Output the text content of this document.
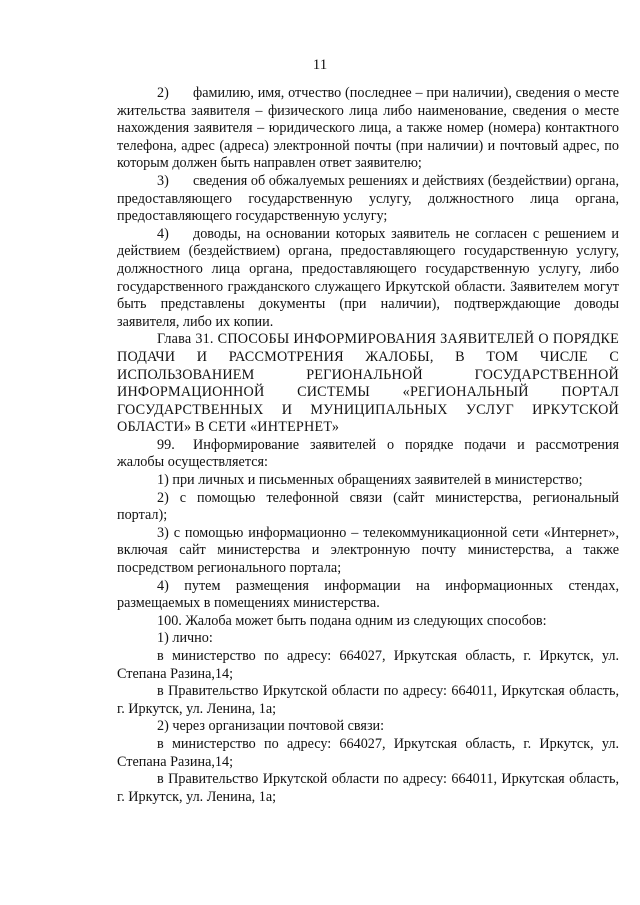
11

2) фамилию, имя, отчество (последнее – при наличии), сведения о месте жительства заявителя – физического лица либо наименование, сведения о месте нахождения заявителя – юридического лица, а также номер (номера) контактного телефона, адрес (адреса) электронной почты (при наличии) и почтовый адрес, по которым должен быть направлен ответ заявителю;

3) сведения об обжалуемых решениях и действиях (бездействии) органа, предоставляющего государственную услугу, должностного лица органа, предоставляющего государственную услугу;

4) доводы, на основании которых заявитель не согласен с решением и действием (бездействием) органа, предоставляющего государственную услугу, должностного лица органа, предоставляющего государственную услугу, либо государственного гражданского служащего Иркутской области. Заявителем могут быть представлены документы (при наличии), подтверждающие доводы заявителя, либо их копии.

Глава 31. СПОСОБЫ ИНФОРМИРОВАНИЯ ЗАЯВИТЕЛЕЙ О ПОРЯДКЕ ПОДАЧИ И РАССМОТРЕНИЯ ЖАЛОБЫ, В ТОМ ЧИСЛЕ С ИСПОЛЬЗОВАНИЕМ РЕГИОНАЛЬНОЙ ГОСУДАРСТВЕННОЙ ИНФОРМАЦИОННОЙ СИСТЕМЫ «РЕГИОНАЛЬНЫЙ ПОРТАЛ ГОСУДАРСТВЕННЫХ И МУНИЦИПАЛЬНЫХ УСЛУГ ИРКУТСКОЙ ОБЛАСТИ» В СЕТИ «ИНТЕРНЕТ»

99. Информирование заявителей о порядке подачи и рассмотрения жалобы осуществляется:

1) при личных и письменных обращениях заявителей в министерство;

2) с помощью телефонной связи (сайт министерства, региональный портал);

3) с помощью информационно – телекоммуникационной сети «Интернет», включая сайт министерства и электронную почту министерства, а также посредством регионального портала;

4) путем размещения информации на информационных стендах, размещаемых в помещениях министерства.

100. Жалоба может быть подана одним из следующих способов:

1) лично:

в министерство по адресу: 664027, Иркутская область, г. Иркутск, ул. Степана Разина,14;

в Правительство Иркутской области по адресу: 664011, Иркутская область, г. Иркутск, ул. Ленина, 1а;

2) через организации почтовой связи:

в министерство по адресу: 664027, Иркутская область, г. Иркутск, ул. Степана Разина,14;

в Правительство Иркутской области по адресу: 664011, Иркутская область, г. Иркутск, ул. Ленина, 1а;
